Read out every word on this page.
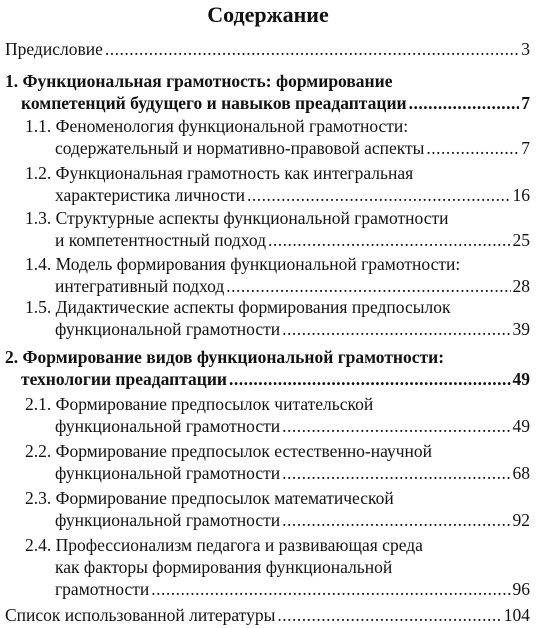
Содержание
Предисловие .....	3
1. Функциональная грамотность: формирование
компетенций будущего и навыков преадаптации .....	7
1.1. Феноменология функциональной грамотности:
содержательный и нормативно-правовой аспекты .....	7
1.2. Функциональная грамотность как интегральная
характеристика личности .....	16
1.3. Структурные аспекты функциональной грамотности
и компетентностный подход .....	25
1.4. Модель формирования функциональной грамотности:
интегративный подход .....	28
1.5. Дидактические аспекты формирования предпосылок
функциональной грамотности .....	39
2. Формирование видов функциональной грамотности:
технологии преадаптации .....	49
2.1. Формирование предпосылок читательской
функциональной грамотности .....	49
2.2. Формирование предпосылок естественно-научной
функциональной грамотности .....	68
2.3. Формирование предпосылок математической
функциональной грамотности .....	92
2.4. Профессионализм педагога и развивающая среда
как факторы формирования функциональной
грамотности .....	96
Список использованной литературы .....	104
